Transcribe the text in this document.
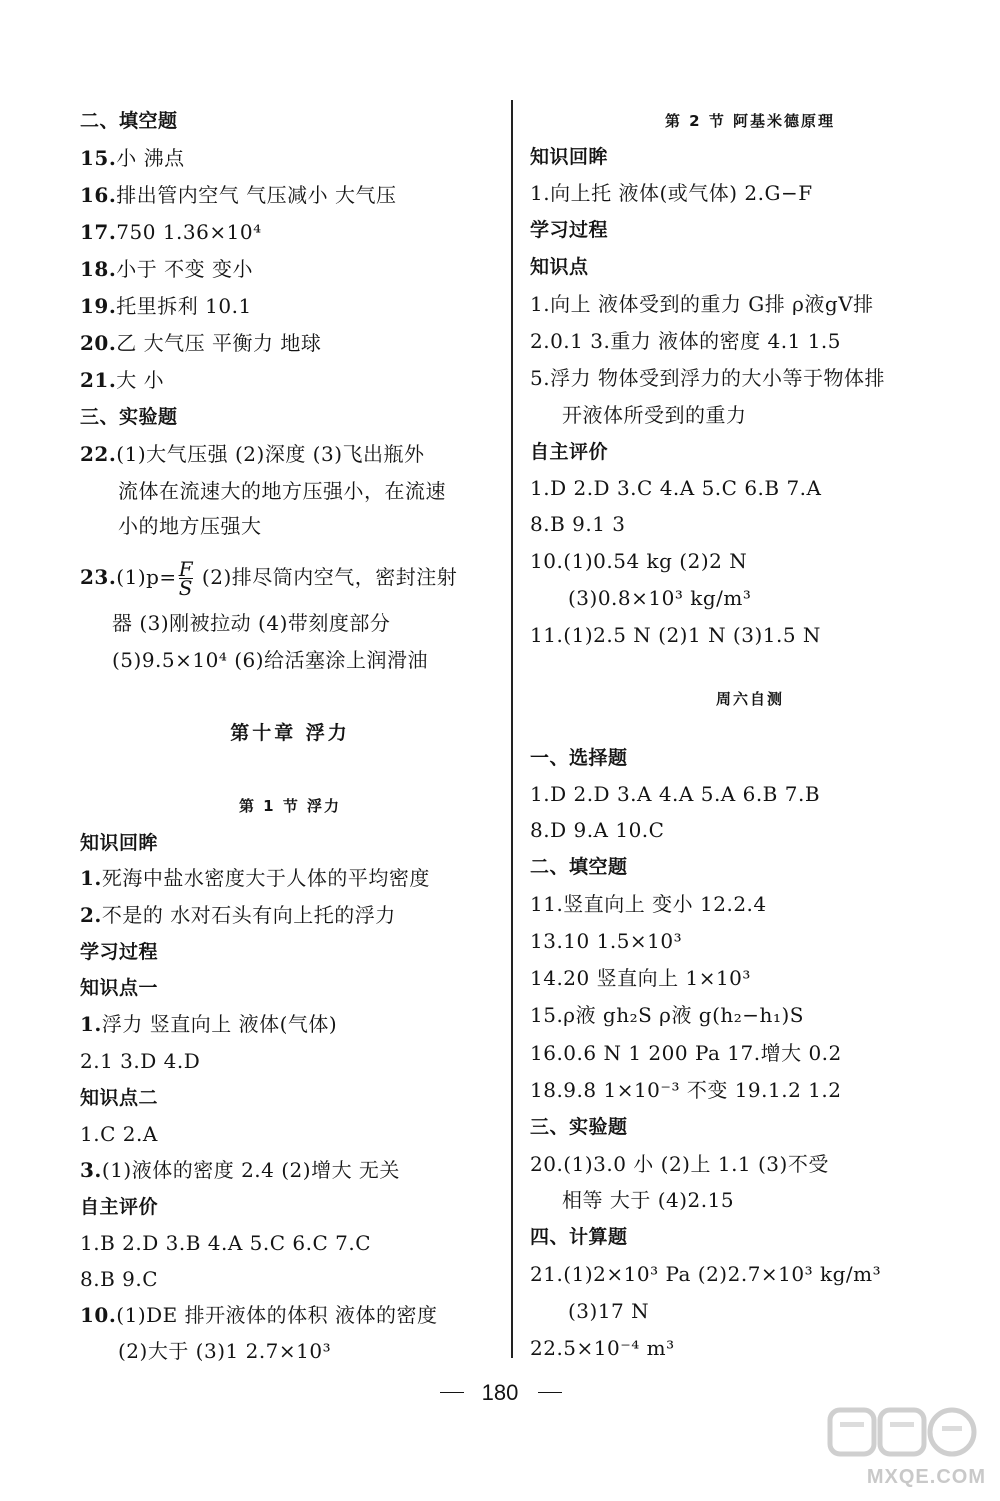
二、填空题
15.小 沸点
16.排出管内空气 气压减小 大气压
17.750 1.36×10⁴
18.小于 不变 变小
19.托里拆利 10.1
20.乙 大气压 平衡力 地球
21.大 小
三、实验题
22.(1)大气压强 (2)深度 (3)飞出瓶外
流体在流速大的地方压强小，在流速
小的地方压强大
$23.(1)p= \frac{F}{S} (2)$排尽筒内空气，密封注射
器 (3)刚被拉动 (4)带刻度部分
(5)9.5×10⁴ (6)给活塞涂上润滑油
第十章 浮力
第 1 节 浮力
知识回眸
1.死海中盐水密度大于人体的平均密度
2.不是的 水对石头有向上托的浮力
学习过程
知识点一
1.浮力 竖直向上 液体(气体)
2.1 3.D 4.D
知识点二
1.C 2.A
3.(1)液体的密度 2.4 (2)增大 无关
自主评价
1.B 2.D 3.B 4.A 5.C 6.C 7.C
8.B 9.C
10.(1)DE 排开液体的体积 液体的密度
(2)大于 (3)1 2.7×10³
第 2 节 阿基米德原理
知识回眸
1.向上托 液体(或气体) 2.G−F
学习过程
知识点
1.向上 液体受到的重力 G排 ρ液gV排
2.0.1 3.重力 液体的密度 4.1 1.5
5.浮力 物体受到浮力的大小等于物体排
开液体所受到的重力
自主评价
1.D 2.D 3.C 4.A 5.C 6.B 7.A
8.B 9.1 3
10.(1)0.54 kg (2)2 N
(3)0.8×10³ kg/m³
11.(1)2.5 N (2)1 N (3)1.5 N
周六自测
一、选择题
1.D 2.D 3.A 4.A 5.A 6.B 7.B
8.D 9.A 10.C
二、填空题
11.竖直向上 变小 12.2.4
13.10 1.5×10³
14.20 竖直向上 1×10³
15.ρ液 gh₂S ρ液 g(h₂−h₁)S
16.0.6 N 1 200 Pa 17.增大 0.2
18.9.8 1×10⁻³ 不变 19.1.2 1.2
三、实验题
20.(1)3.0 小 (2)上 1.1 (3)不受
相等 大于 (4)2.15
四、计算题
21.(1)2×10³ Pa (2)2.7×10³ kg/m³
(3)17 N
22.5×10⁻⁴ m³
180
MXQE.COM
